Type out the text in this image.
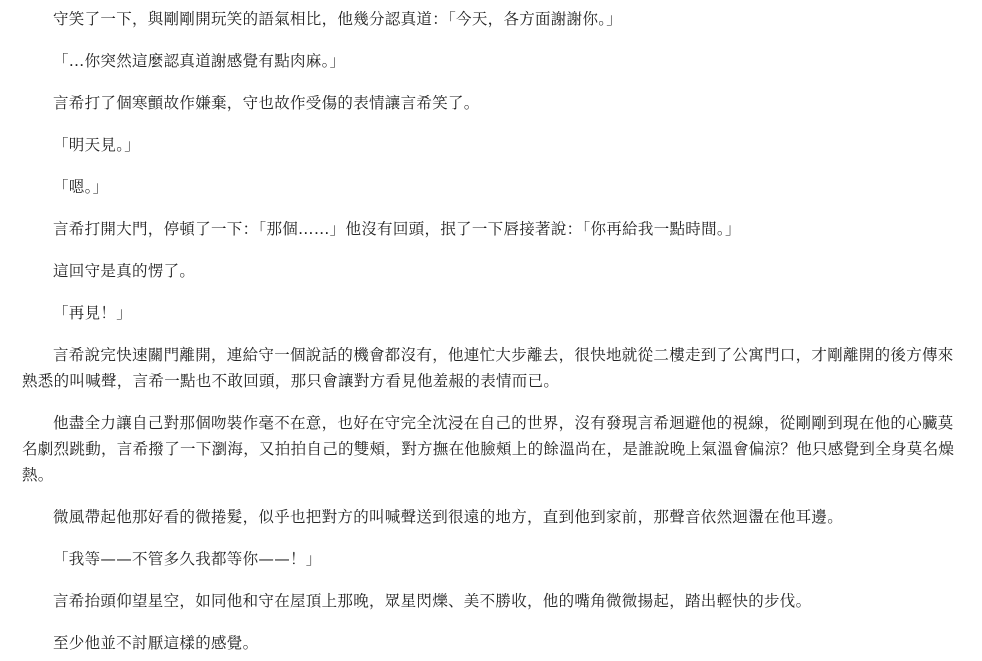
守笑了一下，與剛剛開玩笑的語氣相比，他幾分認真道：「今天，各方面謝謝你。」

「…你突然這麼認真道謝感覺有點肉麻。」

言希打了個寒顫故作嫌棄，守也故作受傷的表情讓言希笑了。

「明天見。」

「嗯。」

言希打開大門，停頓了一下：「那個……」他沒有回頭，抿了一下唇接著說：「你再給我一點時間。」

這回守是真的愣了。

「再見！」

言希說完快速關門離開，連給守一個說話的機會都沒有，他連忙大步離去，很快地就從二樓走到了公寓門口，才剛離開的後方傳來熟悉的叫喊聲，言希一點也不敢回頭，那只會讓對方看見他羞赧的表情而已。

他盡全力讓自己對那個吻裝作毫不在意，也好在守完全沈浸在自己的世界，沒有發現言希迴避他的視線，從剛剛到現在他的心臟莫名劇烈跳動，言希撥了一下瀏海，又拍拍自己的雙頰，對方撫在他臉頰上的餘溫尚在，是誰說晚上氣溫會偏涼？他只感覺到全身莫名燥熱。

微風帶起他那好看的微捲髮，似乎也把對方的叫喊聲送到很遠的地方，直到他到家前，那聲音依然迴盪在他耳邊。

「我等——不管多久我都等你——！」

言希抬頭仰望星空，如同他和守在屋頂上那晚，眾星閃爍、美不勝收，他的嘴角微微揚起，踏出輕快的步伐。

至少他並不討厭這樣的感覺。
